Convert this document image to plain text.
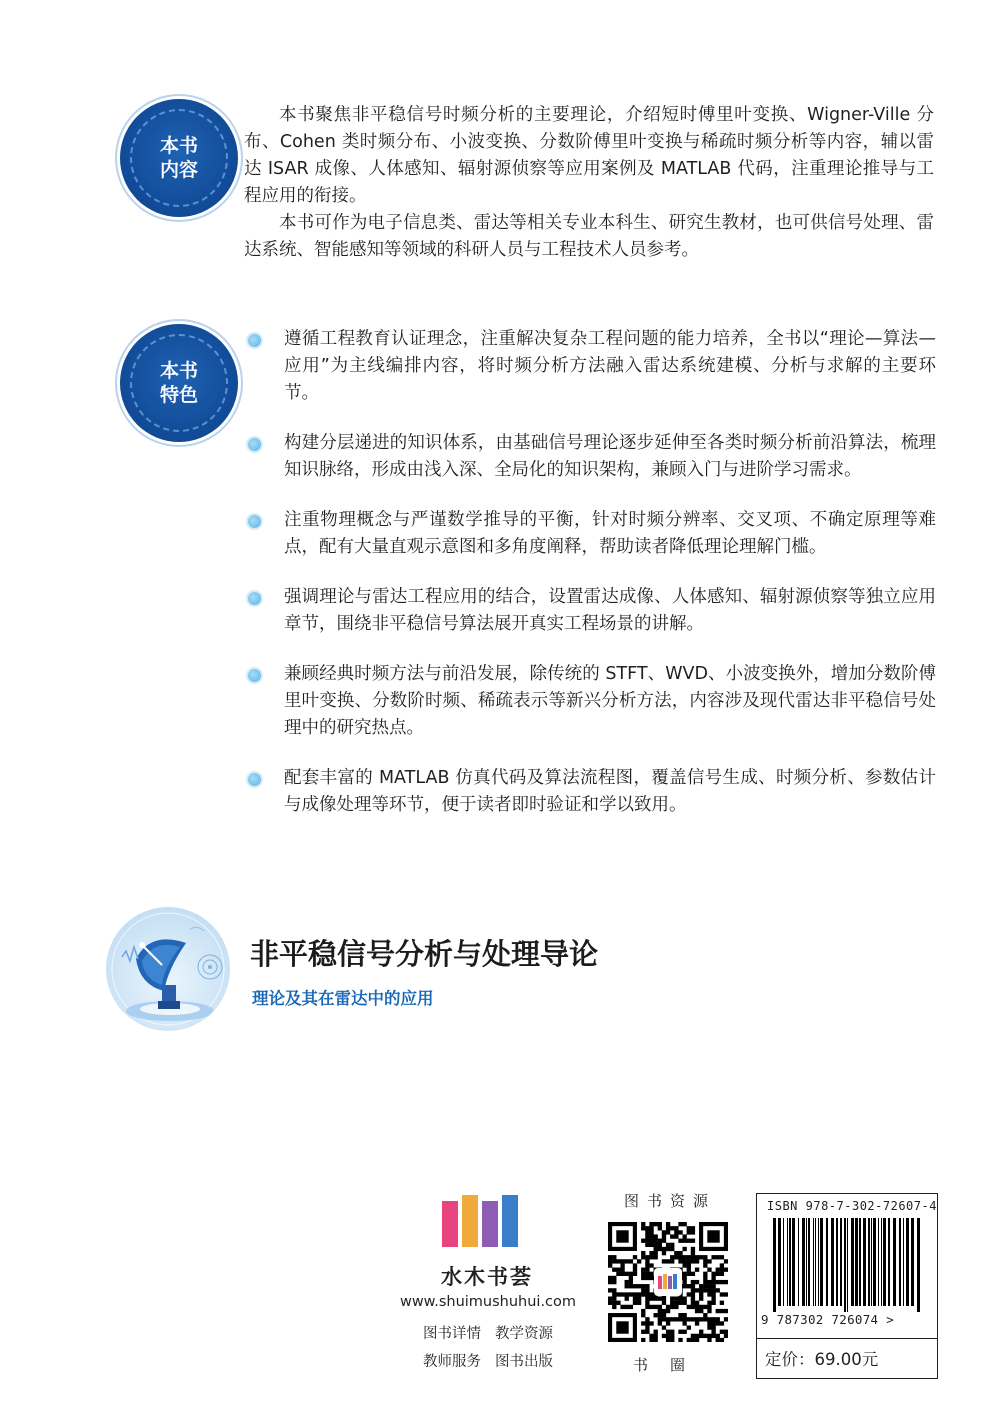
本书内容

本书聚焦非平稳信号时频分析的主要理论，介绍短时傅里叶变换、Wigner-Ville 分布、Cohen 类时频分布、小波变换、分数阶傅里叶变换与稀疏时频分析等内容，辅以雷达 ISAR 成像、人体感知、辐射源侦察等应用案例及 MATLAB 代码，注重理论推导与工程应用的衔接。

本书可作为电子信息类、雷达等相关专业本科生、研究生教材，也可供信号处理、雷达系统、智能感知等领域的科研人员与工程技术人员参考。

本书特色
遵循工程教育认证理念，注重解决复杂工程问题的能力培养，全书以“理论—算法—应用”为主线编排内容，将时频分析方法融入雷达系统建模、分析与求解的主要环节。
构建分层递进的知识体系，由基础信号理论逐步延伸至各类时频分析前沿算法，梳理知识脉络，形成由浅入深、全局化的知识架构，兼顾入门与进阶学习需求。
注重物理概念与严谨数学推导的平衡，针对时频分辨率、交叉项、不确定原理等难点，配有大量直观示意图和多角度阐释，帮助读者降低理论理解门槛。
强调理论与雷达工程应用的结合，设置雷达成像、人体感知、辐射源侦察等独立应用章节，围绕非平稳信号算法展开真实工程场景的讲解。
兼顾经典时频方法与前沿发展，除传统的 STFT、WVD、小波变换外，增加分数阶傅里叶变换、分数阶时频、稀疏表示等新兴分析方法，内容涉及现代雷达非平稳信号处理中的研究热点。
配套丰富的 MATLAB 仿真代码及算法流程图，覆盖信号生成、时频分析、参数估计与成像处理等环节，便于读者即时验证和学以致用。
非平稳信号分析与处理导论
理论及其在雷达中的应用
水木书荟
www.shuimushuhui.com
图书详情 教学资源
教师服务 图书出版
图书资源
书圈
ISBN 978-7-302-72607-4
9 787302 726074 >
定价：69.00元
